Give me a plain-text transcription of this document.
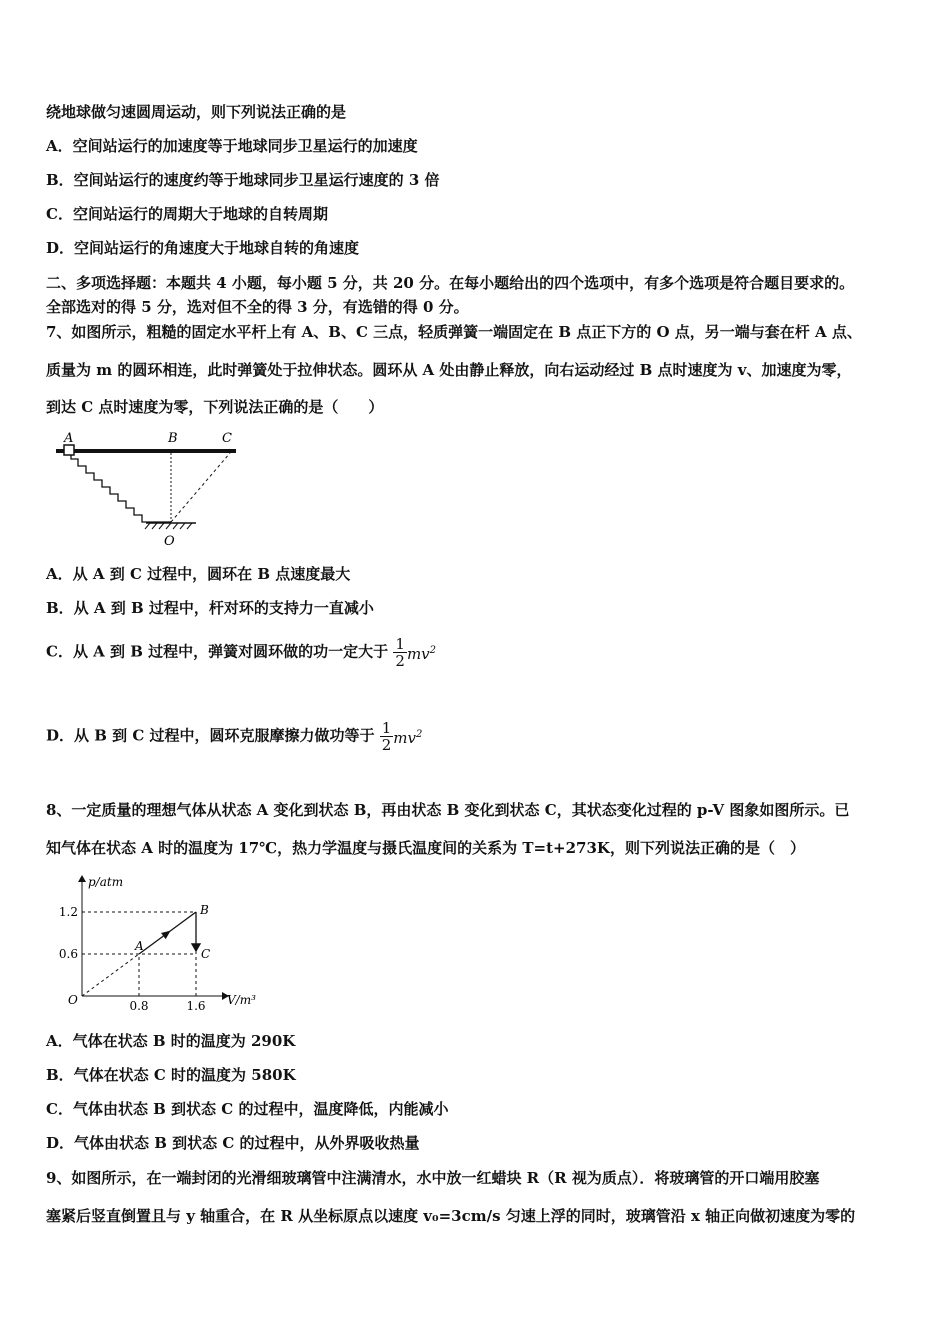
绕地球做匀速圆周运动，则下列说法正确的是
A．空间站运行的加速度等于地球同步卫星运行的加速度
B．空间站运行的速度约等于地球同步卫星运行速度的 3 倍
C．空间站运行的周期大于地球的自转周期
D．空间站运行的角速度大于地球自转的角速度
二、多项选择题：本题共 4 小题，每小题 5 分，共 20 分。在每小题给出的四个选项中，有多个选项是符合题目要求的。
全部选对的得 5 分，选对但不全的得 3 分，有选错的得 0 分。
7、如图所示，粗糙的固定水平杆上有 A、B、C 三点，轻质弹簧一端固定在 B 点正下方的 O 点，另一端与套在杆 A 点、
质量为 m 的圆环相连，此时弹簧处于拉伸状态。圆环从 A 处由静止释放，向右运动经过 B 点时速度为 v、加速度为零，
到达 C 点时速度为零，下列说法正确的是（　　）
A	B	C
O
A．从 A 到 C 过程中，圆环在 B 点速度最大
B．从 A 到 B 过程中，杆对环的支持力一直减小
C．从 A 到 B 过程中，弹簧对圆环做的功一定大于 $\frac{1}{2} mv^2$
D．从 B 到 C 过程中，圆环克服摩擦力做功等于 $\frac{1}{2} mv^2$
8、一定质量的理想气体从状态 A 变化到状态 B，再由状态 B 变化到状态 C，其状态变化过程的 p-V 图象如图所示。已
知气体在状态 A 时的温度为 17℃，热力学温度与摄氏温度间的关系为 T=t+273K，则下列说法正确的是（　）
0.6
1.2
0.8	1.6
A
B
C
p/atm
V/m³
O
A．气体在状态 B 时的温度为 290K
B．气体在状态 C 时的温度为 580K
C．气体由状态 B 到状态 C 的过程中，温度降低，内能减小
D．气体由状态 B 到状态 C 的过程中，从外界吸收热量
9、如图所示，在一端封闭的光滑细玻璃管中注满清水，水中放一红蜡块 R（R 视为质点）．将玻璃管的开口端用胶塞
塞紧后竖直倒置且与 y 轴重合，在 R 从坐标原点以速度 v₀=3cm/s 匀速上浮的同时，玻璃管沿 x 轴正向做初速度为零的
